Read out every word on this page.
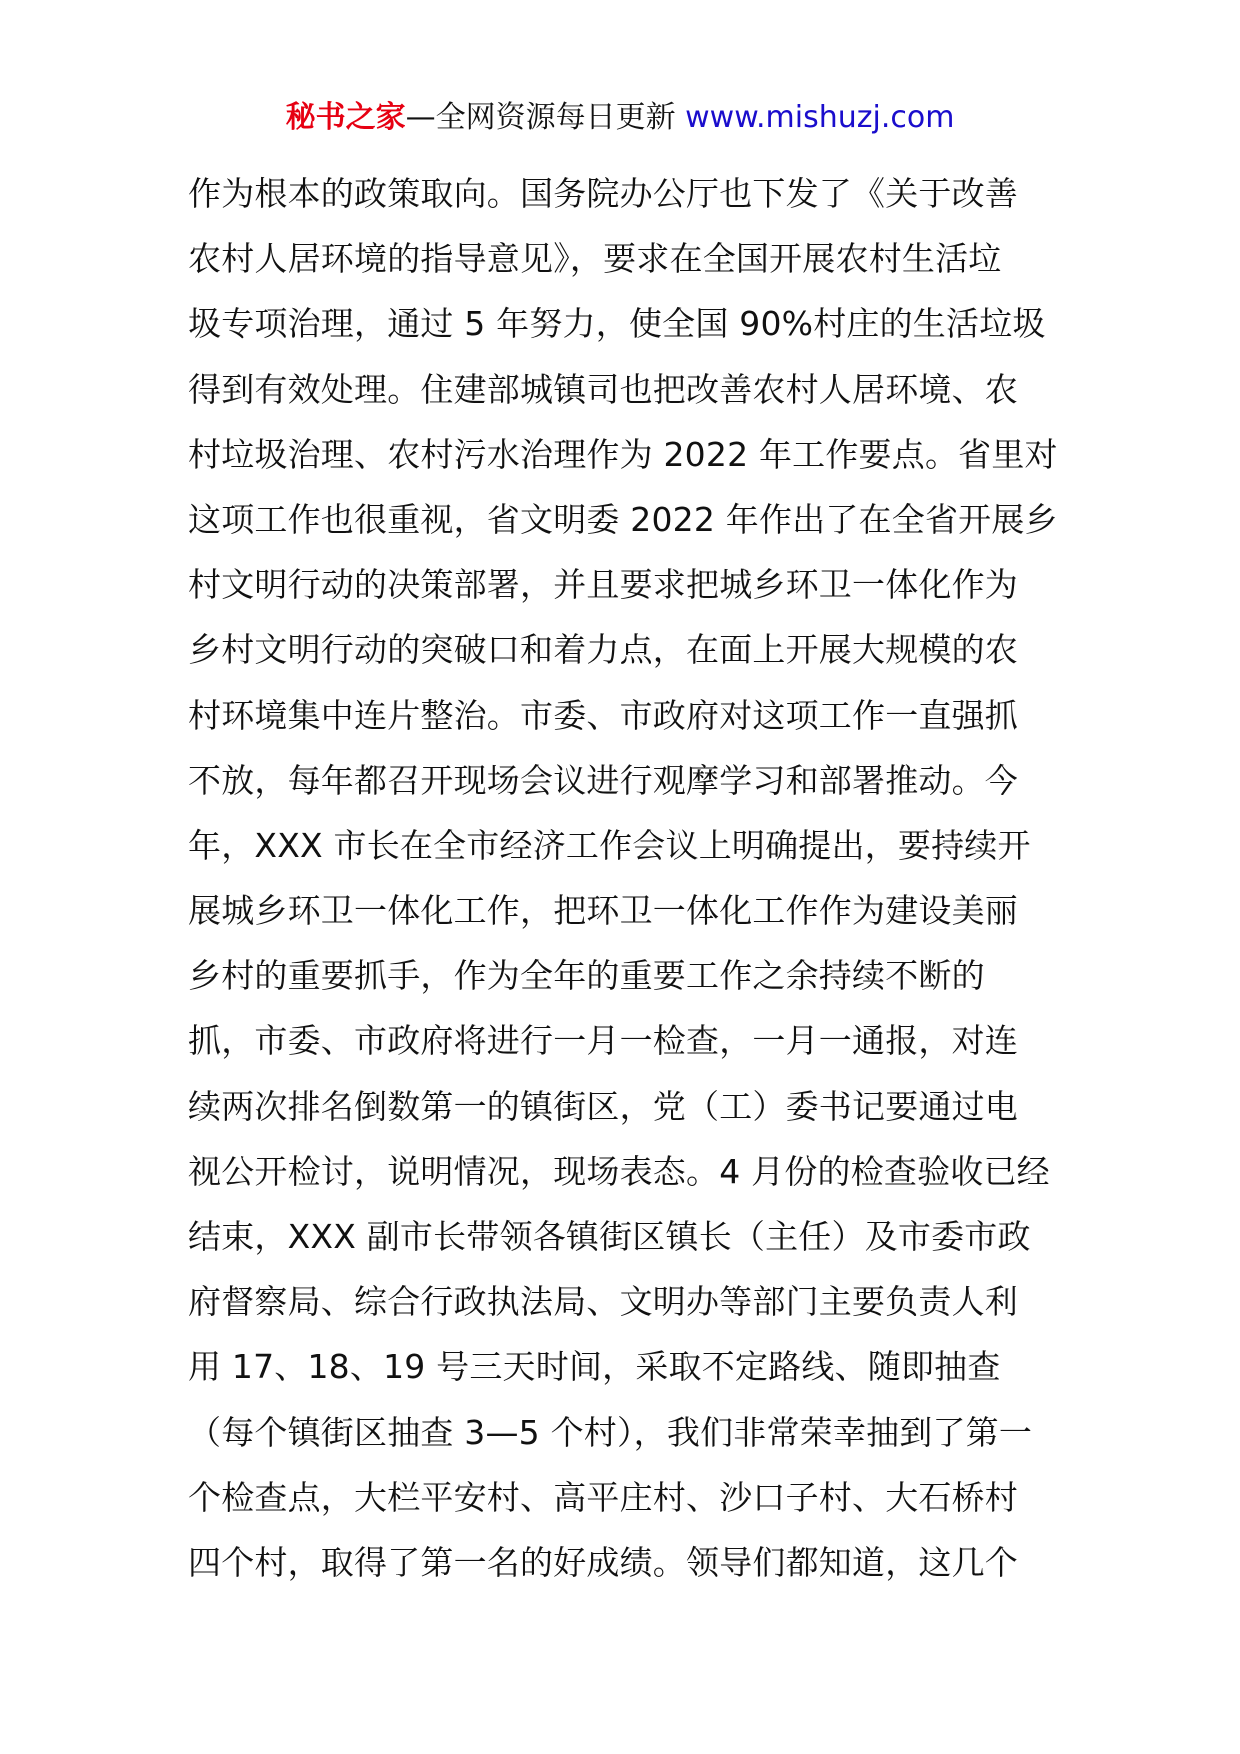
秘书之家—全网资源每日更新 www.mishuzj.com
作为根本的政策取向。国务院办公厅也下发了《关于改善
农村人居环境的指导意见》，要求在全国开展农村生活垃
圾专项治理，通过 5 年努力，使全国 90%村庄的生活垃圾
得到有效处理。住建部城镇司也把改善农村人居环境、农
村垃圾治理、农村污水治理作为 2022 年工作要点。省里对
这项工作也很重视，省文明委 2022 年作出了在全省开展乡
村文明行动的决策部署，并且要求把城乡环卫一体化作为
乡村文明行动的突破口和着力点，在面上开展大规模的农
村环境集中连片整治。市委、市政府对这项工作一直强抓
不放，每年都召开现场会议进行观摩学习和部署推动。今
年，XXX 市长在全市经济工作会议上明确提出，要持续开
展城乡环卫一体化工作，把环卫一体化工作作为建设美丽
乡村的重要抓手，作为全年的重要工作之余持续不断的
抓，市委、市政府将进行一月一检查，一月一通报，对连
续两次排名倒数第一的镇街区，党（工）委书记要通过电
视公开检讨，说明情况，现场表态。4 月份的检查验收已经
结束，XXX 副市长带领各镇街区镇长（主任）及市委市政
府督察局、综合行政执法局、文明办等部门主要负责人利
用 17、18、19 号三天时间，采取不定路线、随即抽查
（每个镇街区抽查 3—5 个村），我们非常荣幸抽到了第一
个检查点，大栏平安村、高平庄村、沙口子村、大石桥村
四个村，取得了第一名的好成绩。领导们都知道，这几个
